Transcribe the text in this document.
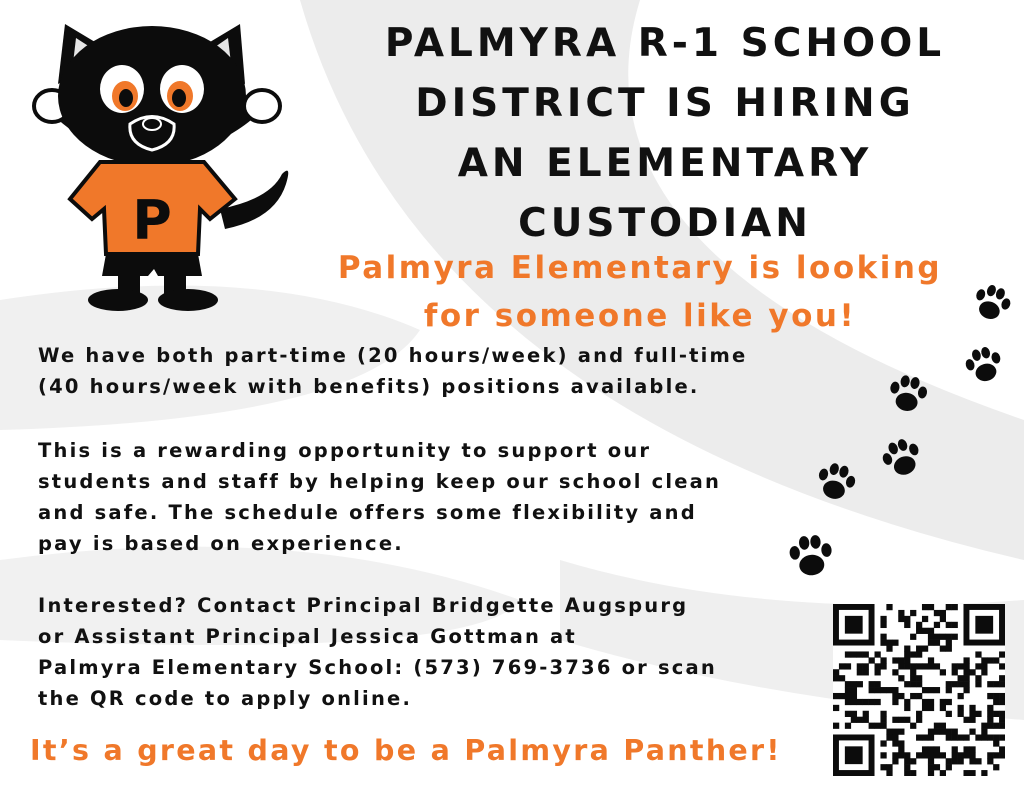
P
PALMYRA R-1 SCHOOL
DISTRICT IS HIRING
AN ELEMENTARY
CUSTODIAN
Palmyra Elementary is looking
for someone like you!
We have both part-time (20 hours/week) and full-time
(40 hours/week with benefits) positions available.
This is a rewarding opportunity to support our
students and staff by helping keep our school clean
and safe. The schedule offers some flexibility and
pay is based on experience.
Interested? Contact Principal Bridgette Augspurg
or Assistant Principal Jessica Gottman at
Palmyra Elementary School: (573) 769-3736 or scan
the QR code to apply online.
It’s a great day to be a Palmyra Panther!
